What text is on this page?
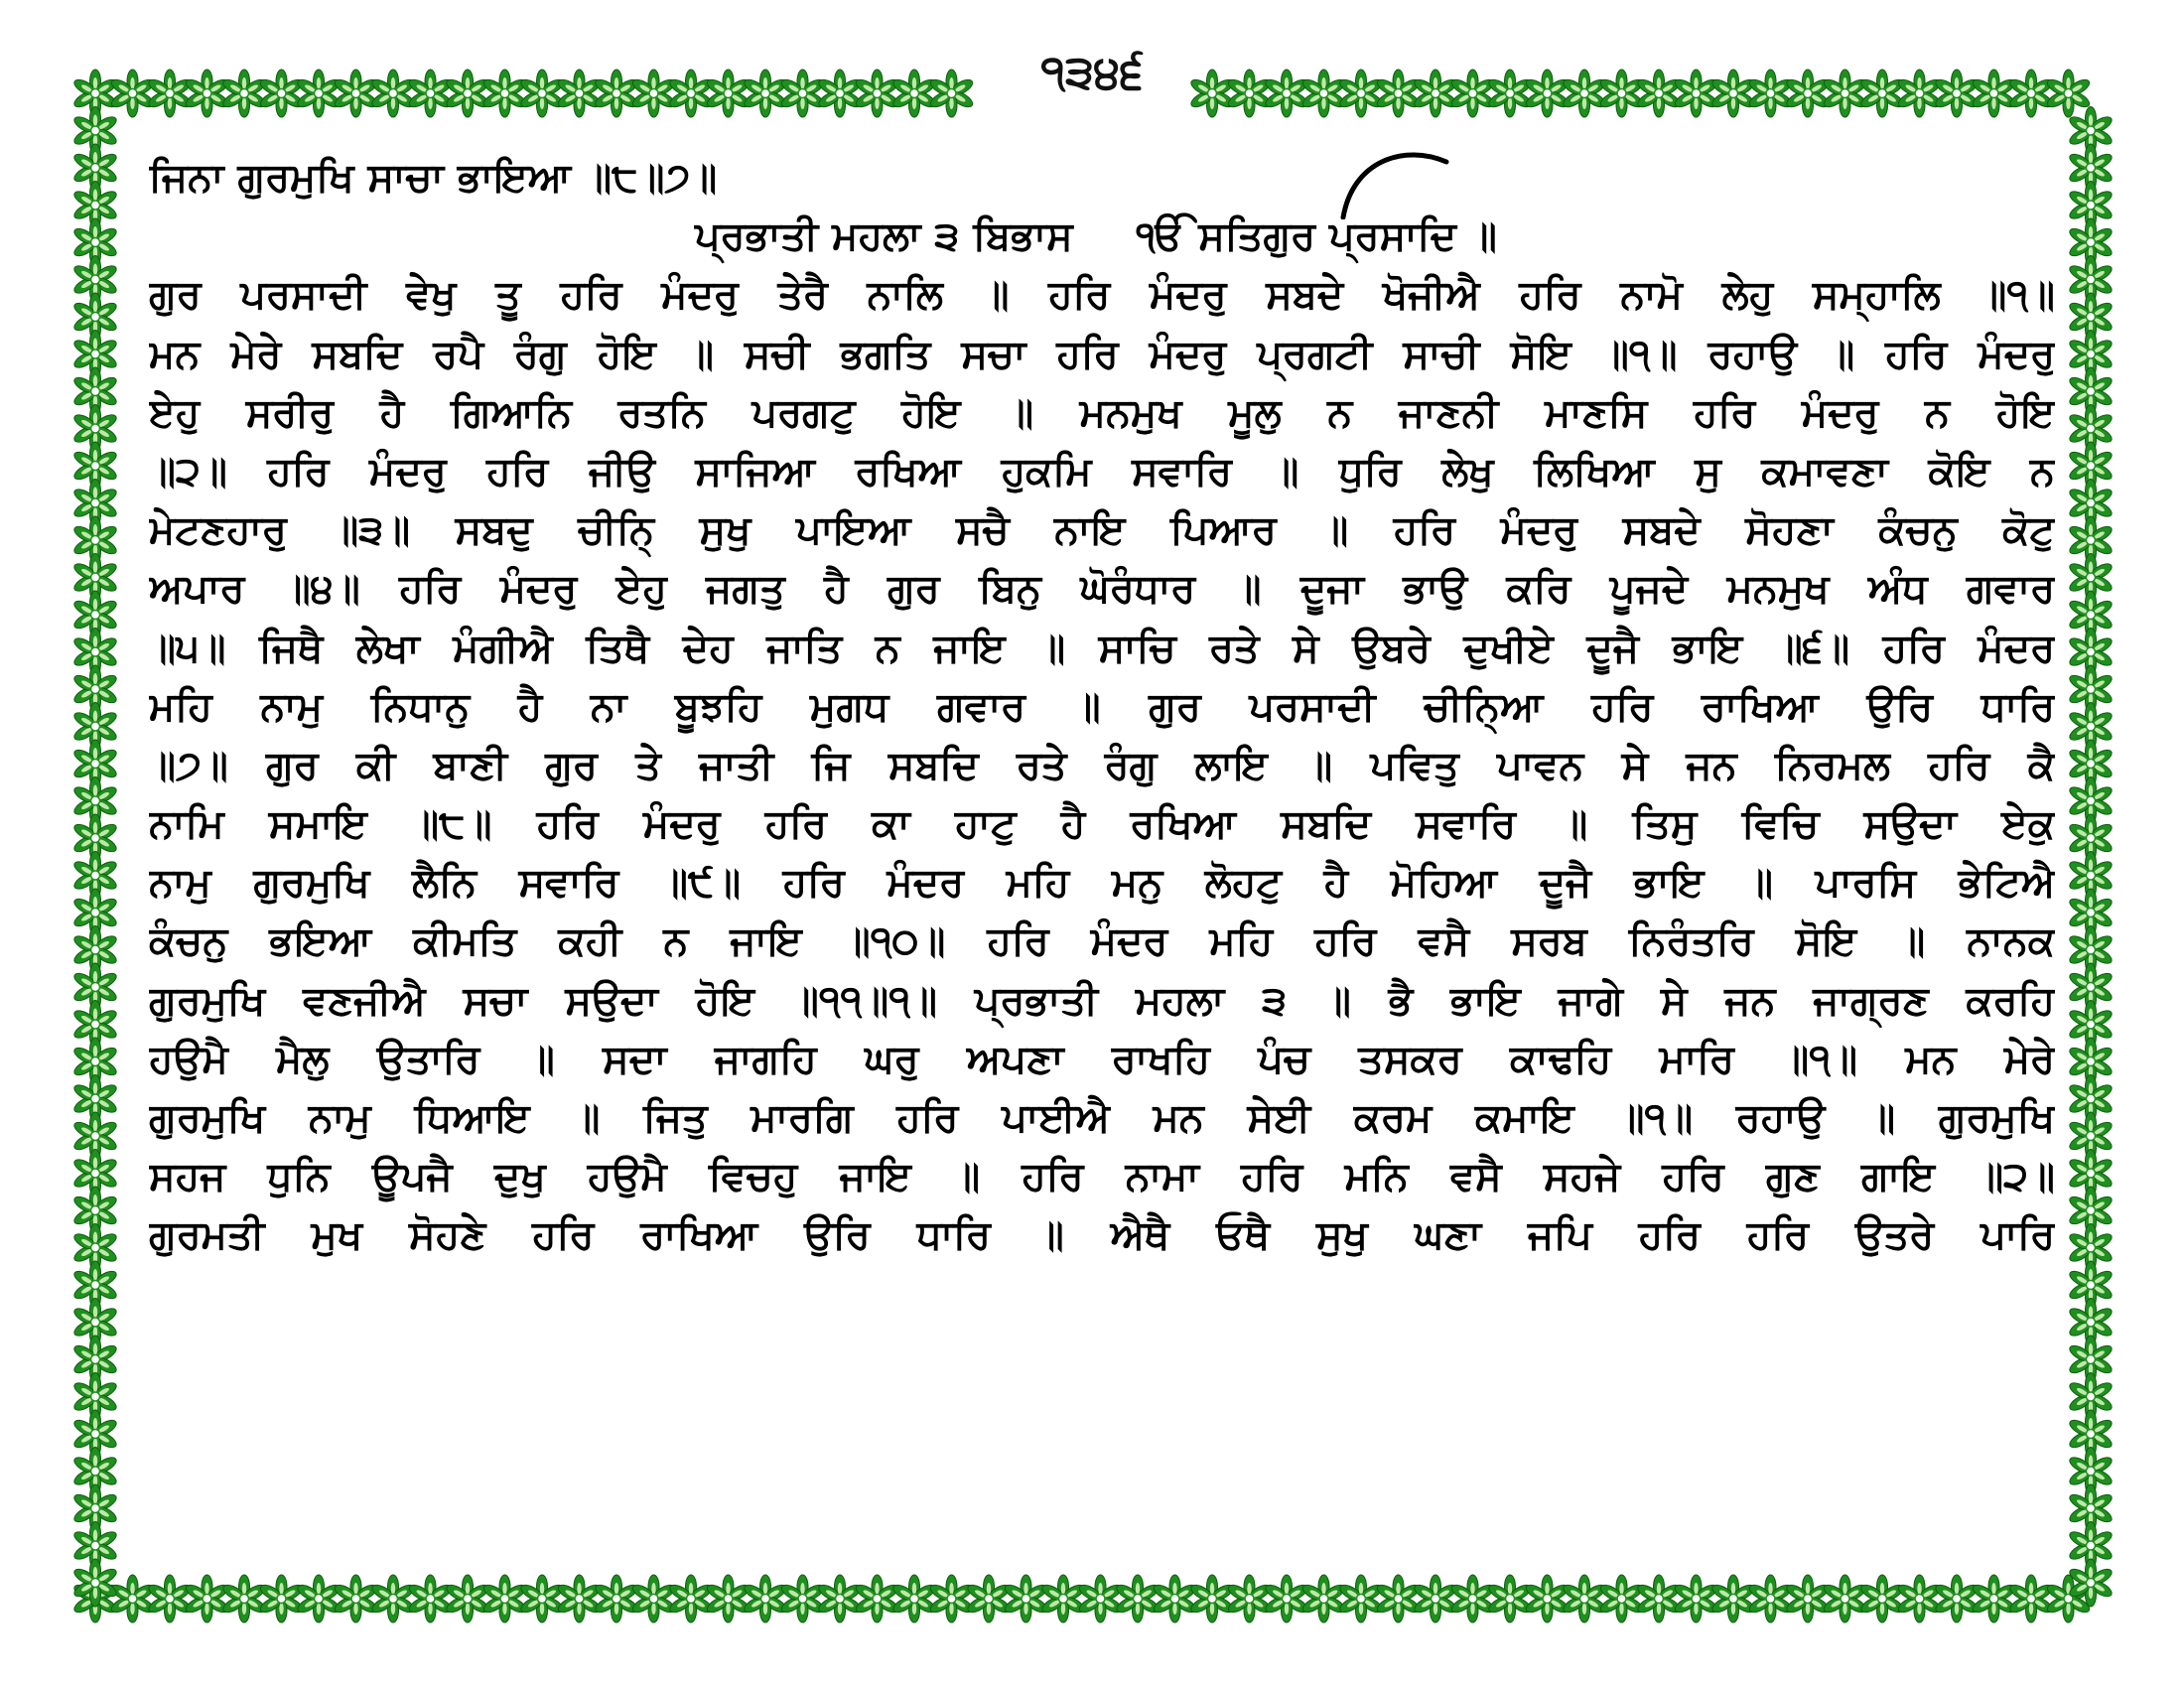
੧੩੪੬
ਜਿਨਾ ਗੁਰਮੁਖਿ ਸਾਚਾ ਭਾਇਆ ॥੮॥੭॥
ਪ੍ਰਭਾਤੀ ਮਹਲਾ ੩ ਬਿਭਾਸ ੴ ਸਤਿਗੁਰ ਪ੍ਰਸਾਦਿ ॥
ਗੁਰ ਪਰਸਾਦੀ ਵੇਖੁ ਤੂ ਹਰਿ ਮੰਦਰੁ ਤੇਰੈ ਨਾਲਿ ॥ ਹਰਿ ਮੰਦਰੁ ਸਬਦੇ ਖੋਜੀਐ ਹਰਿ ਨਾਮੋ ਲੇਹੁ ਸਮ੍ਹਾਲਿ ॥੧॥
ਮਨ ਮੇਰੇ ਸਬਦਿ ਰਪੈ ਰੰਗੁ ਹੋਇ ॥ ਸਚੀ ਭਗਤਿ ਸਚਾ ਹਰਿ ਮੰਦਰੁ ਪ੍ਰਗਟੀ ਸਾਚੀ ਸੋਇ ॥੧॥ ਰਹਾਉ ॥ ਹਰਿ ਮੰਦਰੁ
ਏਹੁ ਸਰੀਰੁ ਹੈ ਗਿਆਨਿ ਰਤਨਿ ਪਰਗਟੁ ਹੋਇ ॥ ਮਨਮੁਖ ਮੂਲੁ ਨ ਜਾਣਨੀ ਮਾਣਸਿ ਹਰਿ ਮੰਦਰੁ ਨ ਹੋਇ
॥੨॥ ਹਰਿ ਮੰਦਰੁ ਹਰਿ ਜੀਉ ਸਾਜਿਆ ਰਖਿਆ ਹੁਕਮਿ ਸਵਾਰਿ ॥ ਧੁਰਿ ਲੇਖੁ ਲਿਖਿਆ ਸੁ ਕਮਾਵਣਾ ਕੋਇ ਨ
ਮੇਟਣਹਾਰੁ ॥੩॥ ਸਬਦੁ ਚੀਨਿ੍ ਸੁਖੁ ਪਾਇਆ ਸਚੈ ਨਾਇ ਪਿਆਰ ॥ ਹਰਿ ਮੰਦਰੁ ਸਬਦੇ ਸੋਹਣਾ ਕੰਚਨੁ ਕੋਟੁ
ਅਪਾਰ ॥੪॥ ਹਰਿ ਮੰਦਰੁ ਏਹੁ ਜਗਤੁ ਹੈ ਗੁਰ ਬਿਨੁ ਘੋਰੰਧਾਰ ॥ ਦੂਜਾ ਭਾਉ ਕਰਿ ਪੂਜਦੇ ਮਨਮੁਖ ਅੰਧ ਗਵਾਰ
॥੫॥ ਜਿਥੈ ਲੇਖਾ ਮੰਗੀਐ ਤਿਥੈ ਦੇਹ ਜਾਤਿ ਨ ਜਾਇ ॥ ਸਾਚਿ ਰਤੇ ਸੇ ਉਬਰੇ ਦੁਖੀਏ ਦੂਜੈ ਭਾਇ ॥੬॥ ਹਰਿ ਮੰਦਰ
ਮਹਿ ਨਾਮੁ ਨਿਧਾਨੁ ਹੈ ਨਾ ਬੂਝਹਿ ਮੁਗਧ ਗਵਾਰ ॥ ਗੁਰ ਪਰਸਾਦੀ ਚੀਨਿ੍ਆ ਹਰਿ ਰਾਖਿਆ ਉਰਿ ਧਾਰਿ
॥੭॥ ਗੁਰ ਕੀ ਬਾਣੀ ਗੁਰ ਤੇ ਜਾਤੀ ਜਿ ਸਬਦਿ ਰਤੇ ਰੰਗੁ ਲਾਇ ॥ ਪਵਿਤੁ ਪਾਵਨ ਸੇ ਜਨ ਨਿਰਮਲ ਹਰਿ ਕੈ
ਨਾਮਿ ਸਮਾਇ ॥੮॥ ਹਰਿ ਮੰਦਰੁ ਹਰਿ ਕਾ ਹਾਟੁ ਹੈ ਰਖਿਆ ਸਬਦਿ ਸਵਾਰਿ ॥ ਤਿਸੁ ਵਿਚਿ ਸਉਦਾ ਏਕੁ
ਨਾਮੁ ਗੁਰਮੁਖਿ ਲੈਨਿ ਸਵਾਰਿ ॥੯॥ ਹਰਿ ਮੰਦਰ ਮਹਿ ਮਨੁ ਲੋਹਟੁ ਹੈ ਮੋਹਿਆ ਦੂਜੈ ਭਾਇ ॥ ਪਾਰਸਿ ਭੇਟਿਐ
ਕੰਚਨੁ ਭਇਆ ਕੀਮਤਿ ਕਹੀ ਨ ਜਾਇ ॥੧੦॥ ਹਰਿ ਮੰਦਰ ਮਹਿ ਹਰਿ ਵਸੈ ਸਰਬ ਨਿਰੰਤਰਿ ਸੋਇ ॥ ਨਾਨਕ
ਗੁਰਮੁਖਿ ਵਣਜੀਐ ਸਚਾ ਸਉਦਾ ਹੋਇ ॥੧੧॥੧॥ ਪ੍ਰਭਾਤੀ ਮਹਲਾ ੩ ॥ ਭੈ ਭਾਇ ਜਾਗੇ ਸੇ ਜਨ ਜਾਗ੍ਰਣ ਕਰਹਿ
ਹਉਮੈ ਮੈਲੁ ਉਤਾਰਿ ॥ ਸਦਾ ਜਾਗਹਿ ਘਰੁ ਅਪਣਾ ਰਾਖਹਿ ਪੰਚ ਤਸਕਰ ਕਾਢਹਿ ਮਾਰਿ ॥੧॥ ਮਨ ਮੇਰੇ
ਗੁਰਮੁਖਿ ਨਾਮੁ ਧਿਆਇ ॥ ਜਿਤੁ ਮਾਰਗਿ ਹਰਿ ਪਾਈਐ ਮਨ ਸੇਈ ਕਰਮ ਕਮਾਇ ॥੧॥ ਰਹਾਉ ॥ ਗੁਰਮੁਖਿ
ਸਹਜ ਧੁਨਿ ਊਪਜੈ ਦੁਖੁ ਹਉਮੈ ਵਿਚਹੁ ਜਾਇ ॥ ਹਰਿ ਨਾਮਾ ਹਰਿ ਮਨਿ ਵਸੈ ਸਹਜੇ ਹਰਿ ਗੁਣ ਗਾਇ ॥੨॥
ਗੁਰਮਤੀ ਮੁਖ ਸੋਹਣੇ ਹਰਿ ਰਾਖਿਆ ਉਰਿ ਧਾਰਿ ॥ ਐਥੈ ਓਥੈ ਸੁਖੁ ਘਣਾ ਜਪਿ ਹਰਿ ਹਰਿ ਉਤਰੇ ਪਾਰਿ
